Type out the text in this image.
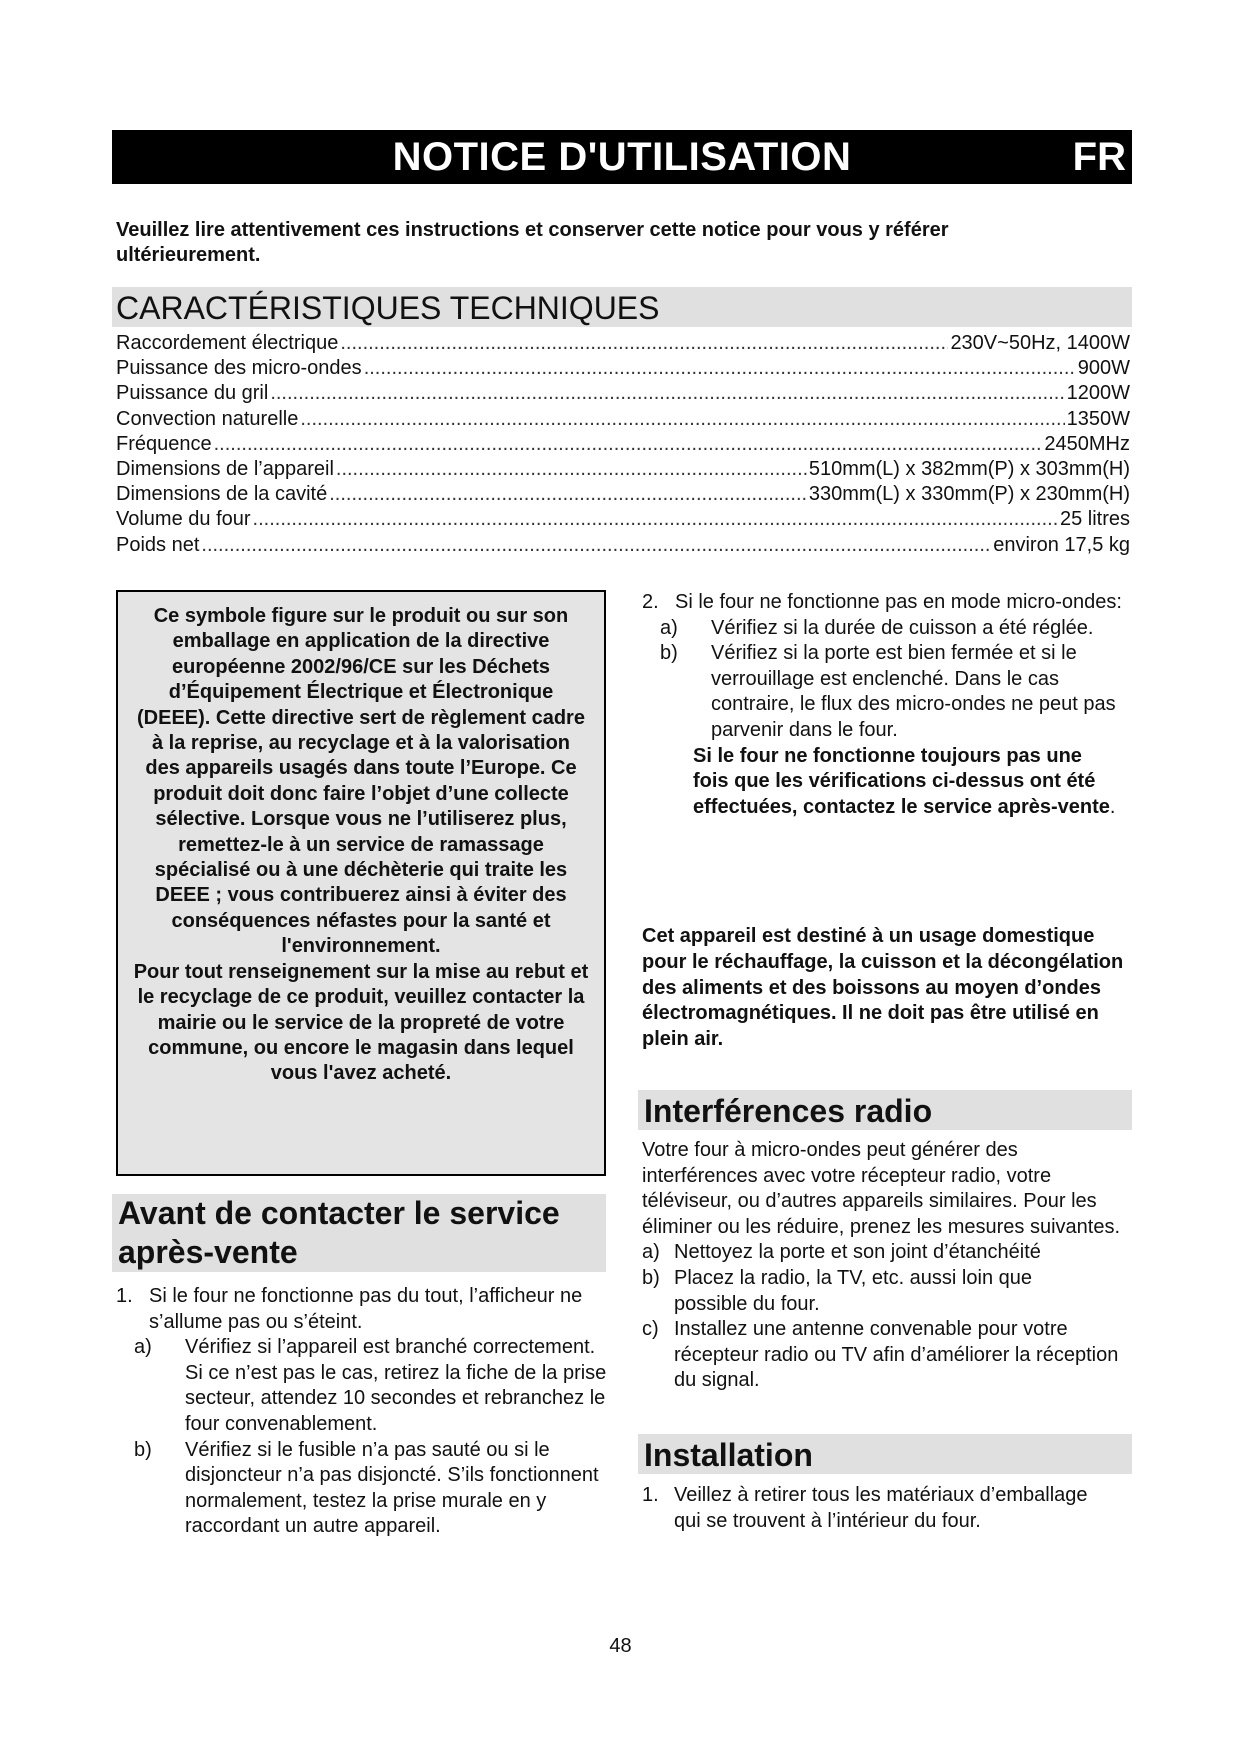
NOTICE D'UTILISATION	FR
Veuillez lire attentivement ces instructions et conserver cette notice pour vous y référer ultérieurement.
CARACTÉRISTIQUES TECHNIQUES
Raccordement électrique .....	230V~50Hz, 1400W
Puissance des micro-ondes .....	900W
Puissance du gril .....	1200W
Convection naturelle .....	1350W
Fréquence .....	2450MHz
Dimensions de l’appareil .....	510mm(L) x 382mm(P) x 303mm(H)
Dimensions de la cavité .....	330mm(L) x 330mm(P) x 230mm(H)
Volume du four .....	25 litres
Poids net .....	environ 17,5 kg

Ce symbole figure sur le produit ou sur son emballage en application de la directive européenne 2002/96/CE sur les Déchets d’Équipement Électrique et Électronique (DEEE). Cette directive sert de règlement cadre à la reprise, au recyclage et à la valorisation des appareils usagés dans toute l’Europe. Ce produit doit donc faire l’objet d’une collecte sélective. Lorsque vous ne l’utiliserez plus, remettez-le à un service de ramassage spécialisé ou à une déchèterie qui traite les DEEE ; vous contribuerez ainsi à éviter des conséquences néfastes pour la santé et l'environnement.

Pour tout renseignement sur la mise au rebut et le recyclage de ce produit, veuillez contacter la mairie ou le service de la propreté de votre commune, ou encore le magasin dans lequel vous l'avez acheté.

Avant de contacter le service après-vente
1. Si le four ne fonctionne pas du tout, l’afficheur ne s’allume pas ou s’éteint.
a) Vérifiez si l’appareil est branché correctement. Si ce n’est pas le cas, retirez la fiche de la prise secteur, attendez 10 secondes et rebranchez le four convenablement.
b) Vérifiez si le fusible n’a pas sauté ou si le disjoncteur n’a pas disjoncté. S’ils fonctionnent normalement, testez la prise murale en y raccordant un autre appareil.
2. Si le four ne fonctionne pas en mode micro-ondes:
a) Vérifiez si la durée de cuisson a été réglée.
b) Vérifiez si la porte est bien fermée et si le verrouillage est enclenché. Dans le cas contraire, le flux des micro-ondes ne peut pas parvenir dans le four.
Si le four ne fonctionne toujours pas une fois que les vérifications ci-dessus ont été effectuées, contactez le service après-vente.
Cet appareil est destiné à un usage domestique pour le réchauffage, la cuisson et la décongélation des aliments et des boissons au moyen d’ondes électromagnétiques. Il ne doit pas être utilisé en plein air.
Interférences radio
Votre four à micro-ondes peut générer des interférences avec votre récepteur radio, votre téléviseur, ou d’autres appareils similaires. Pour les éliminer ou les réduire, prenez les mesures suivantes.
a) Nettoyez la porte et son joint d’étanchéité
b) Placez la radio, la TV, etc. aussi loin que possible du four.
c) Installez une antenne convenable pour votre récepteur radio ou TV afin d’améliorer la réception du signal.
Installation
1. Veillez à retirer tous les matériaux d’emballage qui se trouvent à l’intérieur du four.
48
